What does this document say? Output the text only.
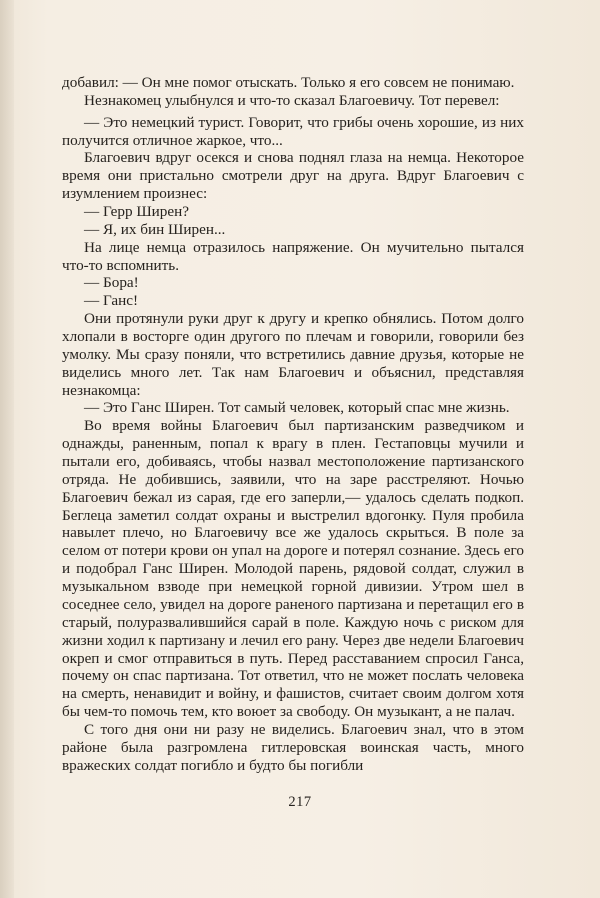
добавил: — Он мне помог отыскать. Только я его совсем не понимаю.

Незнакомец улыбнулся и что-то сказал Благоевичу. Тот перевел:

— Это немецкий турист. Говорит, что грибы очень хорошие, из них получится отличное жаркое, что...

Благоевич вдруг осекся и снова поднял глаза на немца. Некоторое время они пристально смотрели друг на друга. Вдруг Благоевич с изумлением произнес:

— Герр Ширен?

— Я, их бин Ширен...

На лице немца отразилось напряжение. Он мучительно пытался что-то вспомнить.

— Бора!

— Ганс!

Они протянули руки друг к другу и крепко обнялись. Потом долго хлопали в восторге один другого по плечам и говорили, говорили без умолку. Мы сразу поняли, что встретились давние друзья, которые не виделись много лет. Так нам Благоевич и объяснил, представляя незнакомца:

— Это Ганс Ширен. Тот самый человек, который спас мне жизнь.

Во время войны Благоевич был партизанским разведчиком и однажды, раненным, попал к врагу в плен. Гестаповцы мучили и пытали его, добиваясь, чтобы назвал местоположение партизанского отряда. Не добившись, заявили, что на заре расстреляют. Ночью Благоевич бежал из сарая, где его заперли,— удалось сделать подкоп. Беглеца заметил солдат охраны и выстрелил вдогонку. Пуля пробила навылет плечо, но Благоевичу все же удалось скрыться. В поле за селом от потери крови он упал на дороге и потерял сознание. Здесь его и подобрал Ганс Ширен. Молодой парень, рядовой солдат, служил в музыкальном взводе при немецкой горной дивизии. Утром шел в соседнее село, увидел на дороге раненого партизана и перетащил его в старый, полуразвалившийся сарай в поле. Каждую ночь с риском для жизни ходил к партизану и лечил его рану. Через две недели Благоевич окреп и смог отправиться в путь. Перед расставанием спросил Ганса, почему он спас партизана. Тот ответил, что не может послать человека на смерть, ненавидит и войну, и фашистов, считает своим долгом хотя бы чем-то помочь тем, кто воюет за свободу. Он музыкант, а не палач.

С того дня они ни разу не виделись. Благоевич знал, что в этом районе была разгромлена гитлеровская воинская часть, много вражеских солдат погибло и будто бы погибли

217
